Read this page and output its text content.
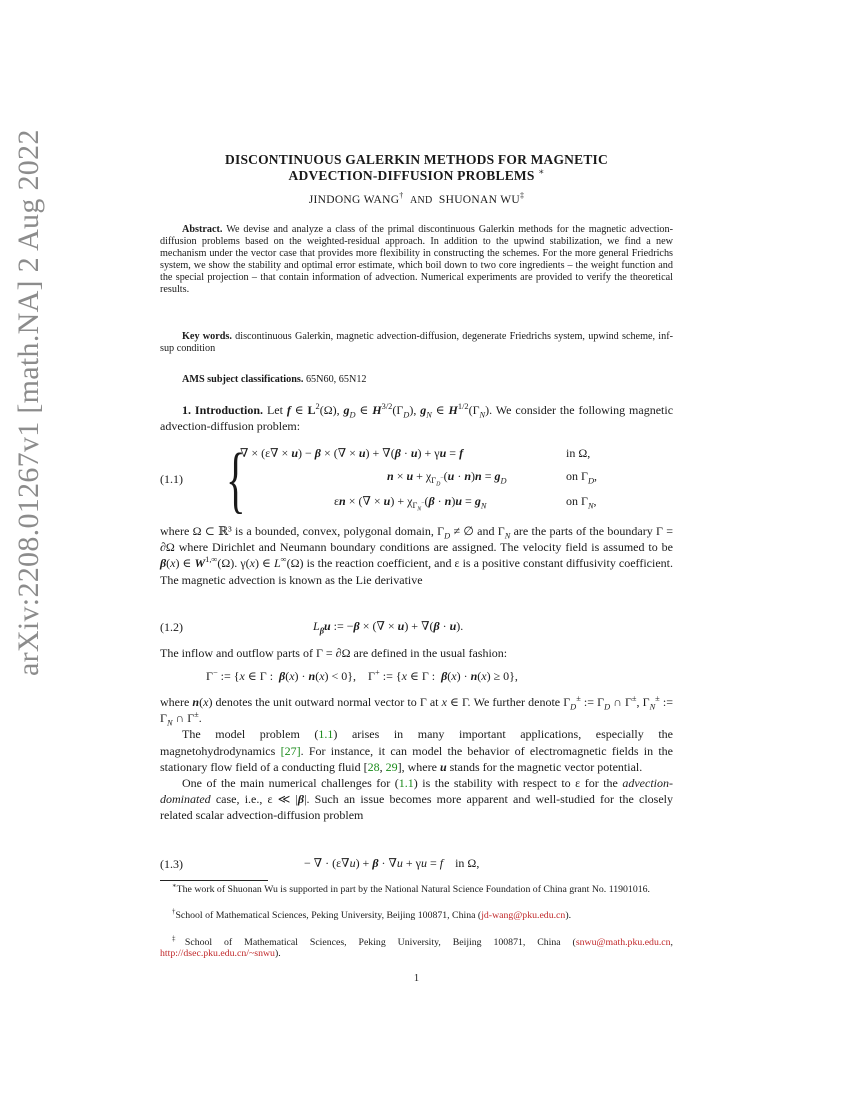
arXiv:2208.01267v1 [math.NA] 2 Aug 2022	DISCONTINUOUS GALERKIN METHODS FOR MAGNETIC
ADVECTION-DIFFUSION PROBLEMS ∗
JINDONG WANG† AND SHUONAN WU‡
Abstract. We devise and analyze a class of the primal discontinuous Galerkin methods for the magnetic advection-diffusion problems based on the weighted-residual approach. In addition to the upwind stabilization, we find a new mechanism under the vector case that provides more flexibility in constructing the schemes. For the more general Friedrichs system, we show the stability and optimal error estimate, which boil down to two core ingredients – the weight function and the special projection – that contain information of advection. Numerical experiments are provided to verify the theoretical results.
Key words. discontinuous Galerkin, magnetic advection-diffusion, degenerate Friedrichs system, upwind scheme, inf-sup condition
AMS subject classifications. 65N60, 65N12

1. Introduction. Let f ∈ $L^2(\Omega)$, $g_D$ ∈ $H^{3/2}(\Gamma_D)$, $g_N$ ∈ $H^{1/2}(\Gamma_N)$. We consider the following magnetic advection-diffusion problem:

(1.1) {
∇ × (ε∇ × u) − β × (∇ × u) + ∇(β · u) + γu = f	in Ω,
$n \times u + \chi_{\Gamma_D^-}(u \cdot n)n = g_D$	on $\Gamma_D$,
εn × (∇ × $u) + \chi_{\Gamma_N^-}(\beta \cdot n)u = g_N$	on $\Gamma_N$,

where Ω ⊂ ℝ³ is a bounded, convex, polygonal domain, $\Gamma_D$ ≠ ∅ and $\Gamma_N$ are the parts of the boundary Γ = ∂Ω where Dirichlet and Neumann boundary conditions are assigned. The velocity field is assumed to be β(x) ∈ $W^{1,\infty}(\Omega)$. γ(x) ∈ L∞(Ω) is the reaction coefficient, and ε is a positive constant diffusivity coefficient. The magnetic advection is known as the Lie derivative

(1.2)	$L_\beta u$ := −β × (∇ × u) + ∇(β · u).

The inflow and outflow parts of Γ = ∂Ω are defined in the usual fashion:

Γ− := {x ∈ Γ :  β(x) · n(x) < 0},    Γ+ := {x ∈ Γ :  β(x) · n(x) ≥ 0},

where n(x) denotes the unit outward normal vector to Γ at x ∈ Γ. We further denote $\Gamma_D^\pm$ := $\Gamma_D$ ∩ Γ±, $\Gamma_N^\pm$ := $\Gamma_N$ ∩ Γ±.

The model problem (1.1) arises in many important applications, especially the magnetohydrodynamics [27]. For instance, it can model the behavior of electromagnetic fields in the stationary flow field of a conducting fluid [28, 29], where u stands for the magnetic vector potential.

One of the main numerical challenges for (1.1) is the stability with respect to ε for the advection-dominated case, i.e., ε ≪ |β|. Such an issue becomes more apparent and well-studied for the closely related scalar advection-diffusion problem

(1.3)	− ∇ · (ε∇u) + β · ∇u + γu = f    in Ω,
∗The work of Shuonan Wu is supported in part by the National Natural Science Foundation of China grant No. 11901016.
†School of Mathematical Sciences, Peking University, Beijing 100871, China (jd-wang@pku.edu.cn).
‡School of Mathematical Sciences, Peking University, Beijing 100871, China (snwu@math.pku.edu.cn, http://dsec.pku.edu.cn/~snwu).
1
